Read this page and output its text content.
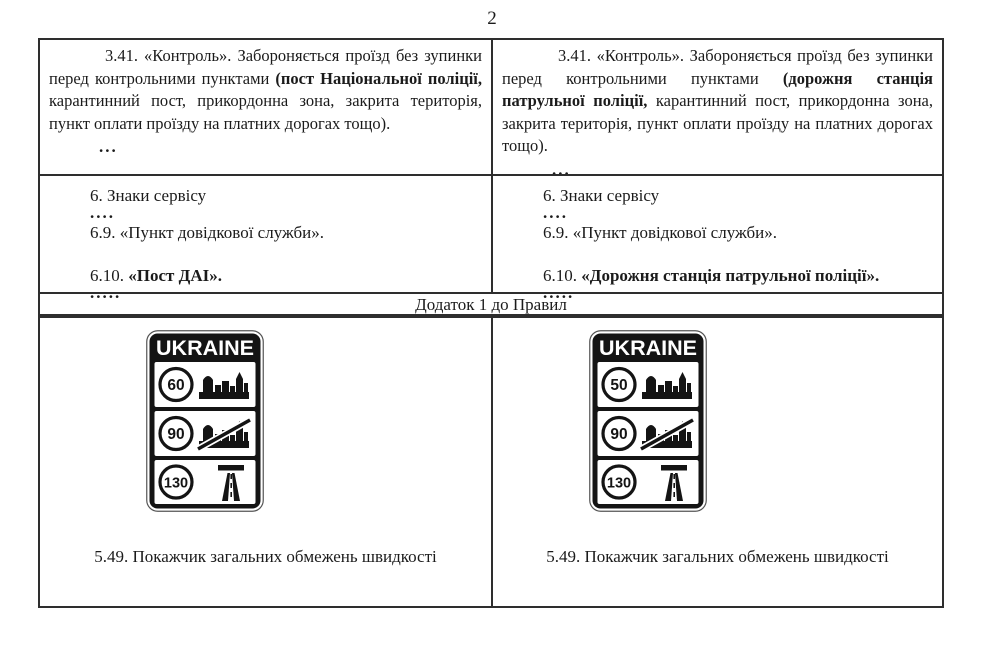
2

3.41. «Контроль». Забороняється проїзд без зупинки перед контрольними пунктами (пост Національної поліції, карантинний пост, прикордонна зона, закрита територія, пункт оплати проїзду на платних дорогах тощо).

...

3.41. «Контроль». Забороняється проїзд без зупинки перед контрольними пунктами (дорожня станція патрульної поліції, карантинний пост, прикордонна зона, закрита територія, пункт оплати проїзду на платних дорогах тощо).

...
6. Знаки сервісу
....
6.9. «Пункт довідкової служби».
6.10. «Пост ДАІ».
.....
6. Знаки сервісу
....
6.9. «Пункт довідкової служби».
6.10. «Дорожня станція патрульної поліції».
.....
Додаток 1 до Правил
UKRAINE
60
90
130
5.49. Покажчик загальних обмежень швидкості
UKRAINE
50
90
130
5.49. Покажчик загальних обмежень швидкості
